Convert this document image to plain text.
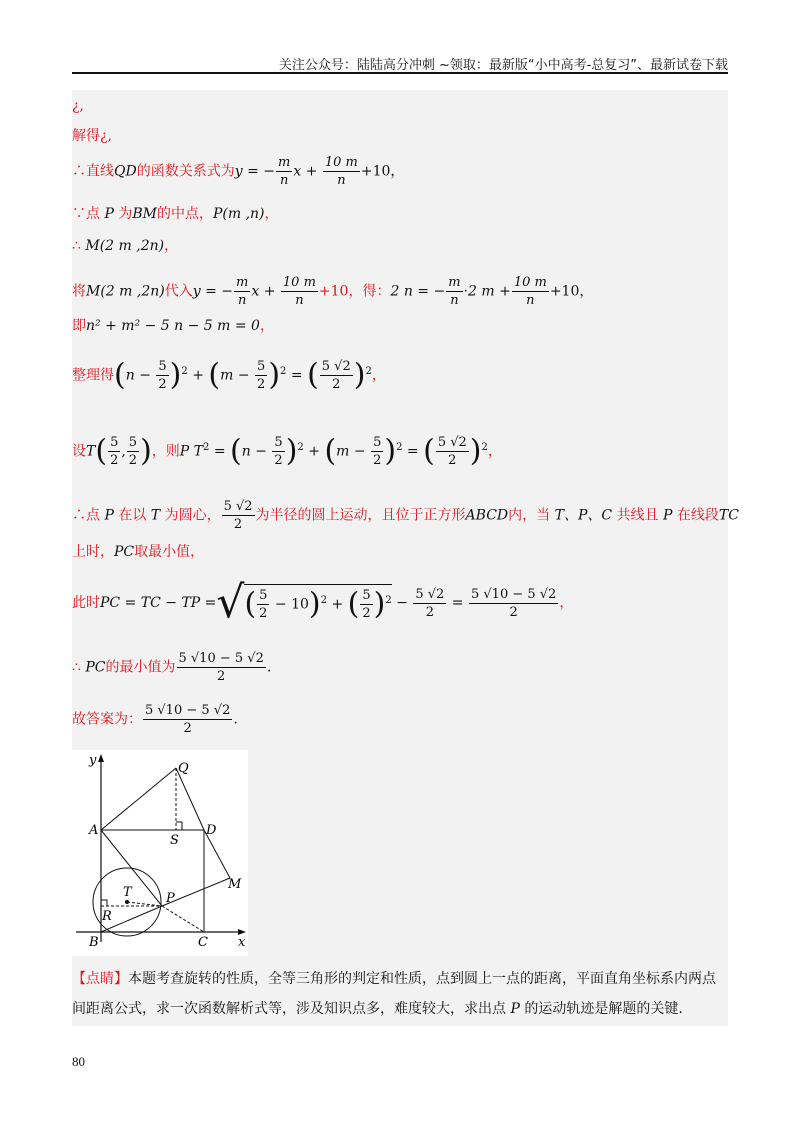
关注公众号：陆陆高分冲刺 ~领取：最新版“小中高考-总复习”、最新试卷下载
¿,
解得¿,
∴直线QD的函数关系式为y = − $\frac{m}{n}$ $x + \frac{10 m}{n} +10$，
∵点 P 为BM的中点，P(m ,n)，
∴ M(2 m ,2n)，
将M(2 m ,2n)代入y = − $\frac{m}{n}$ $x + \frac{10 m}{n} +10$，得：2 n = − $\frac{m}{n} \cdot 2$ $m + \frac{10 m}{n} +10$，
即n² + m² − 5 n − 5 m = 0，
整理得$(n - \frac{5}{2} )^2 + (m - \frac{5}{2} )^2$ = ( $\frac{5 √2}{2} )^2$，
设$T( \frac{5}{2}$ , $\frac{5}{2}$ )，则P $T^2 = (n - \frac{5}{2} )^2 + (m - \frac{5}{2} )^2$ = ( $\frac{5 √2}{2} )^2$，
∴点 P 在以 T 为圆心， $\frac{5 √2}{2}$ 为半径的圆上运动，且位于正方形ABCD内，当 T、P、C 共线且 P 在线段TC
上时，PC取最小值，
此时PC = TC − TP =√( $\frac{5}{2} - 10)^2$ + ( $\frac{5}{2} )^2 - \frac{5 √2}{2} = \frac{5 √10 - 5 √2}{2}$ ，
∴ PC的最小值为 $\frac{5 √10 - 5 √2}{2}$ .
故答案为： $\frac{5 √10 - 5 √2}{2}$ .
y
x
Q
A
S
D
M
T	P
R
B	C
【点睛】本题考查旋转的性质，全等三角形的判定和性质，点到圆上一点的距离，平面直角坐标系内两点
间距离公式，求一次函数解析式等，涉及知识点多，难度较大，求出点 P 的运动轨迹是解题的关键.
80
